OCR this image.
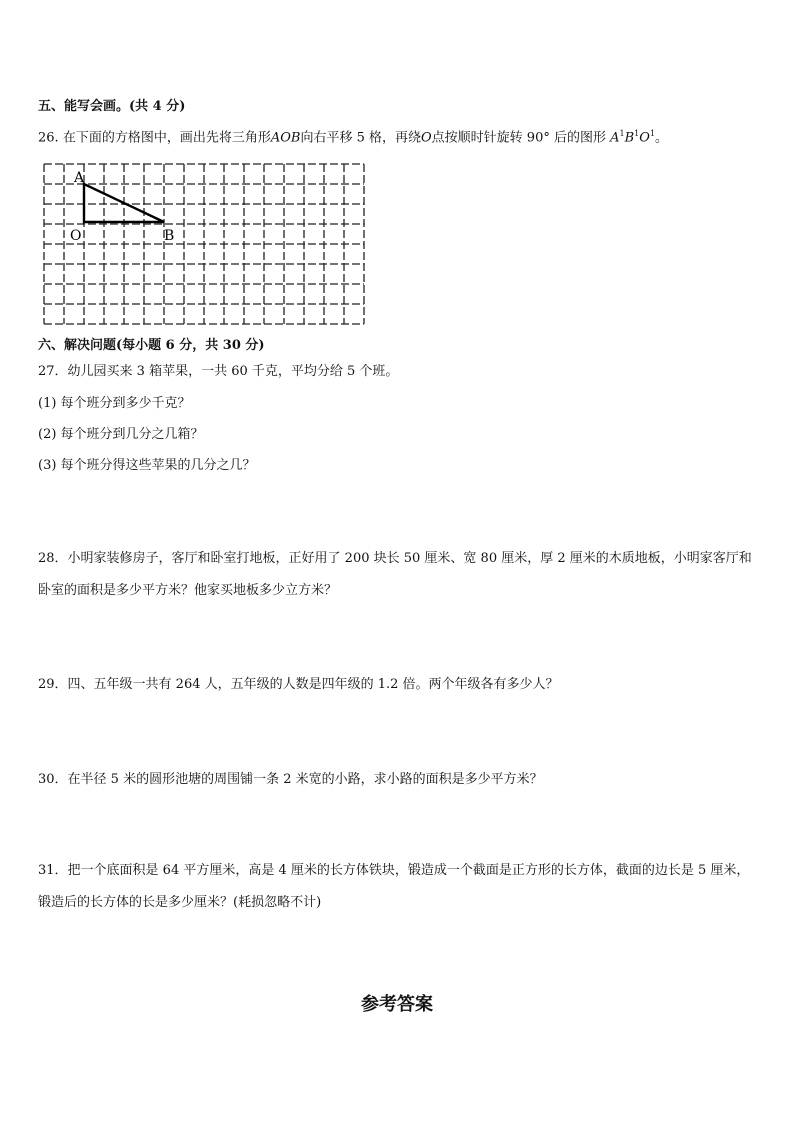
五、能写会画。(共 4 分)
26. 在下面的方格图中，画出先将三角形AOB向右平移 5 格，再绕O点按顺时针旋转 90° 后的图形 $A^1B^1O^1$。
A
O	B
六、解决问题(每小题 6 分，共 30 分)
27．幼儿园买来 3 箱苹果，一共 60 千克，平均分给 5 个班。
(1) 每个班分到多少千克？
(2) 每个班分到几分之几箱？
(3) 每个班分得这些苹果的几分之几？
28．小明家装修房子，客厅和卧室打地板，正好用了 200 块长 50 厘米、宽 80 厘米，厚 2 厘米的木质地板，小明家客厅和卧室的面积是多少平方米？他家买地板多少立方米？
29．四、五年级一共有 264 人，五年级的人数是四年级的 1.2 倍。两个年级各有多少人？
30．在半径 5 米的圆形池塘的周围铺一条 2 米宽的小路，求小路的面积是多少平方米？
31．把一个底面积是 64 平方厘米，高是 4 厘米的长方体铁块，锻造成一个截面是正方形的长方体，截面的边长是 5 厘米，锻造后的长方体的长是多少厘米？(耗损忽略不计)
参考答案
